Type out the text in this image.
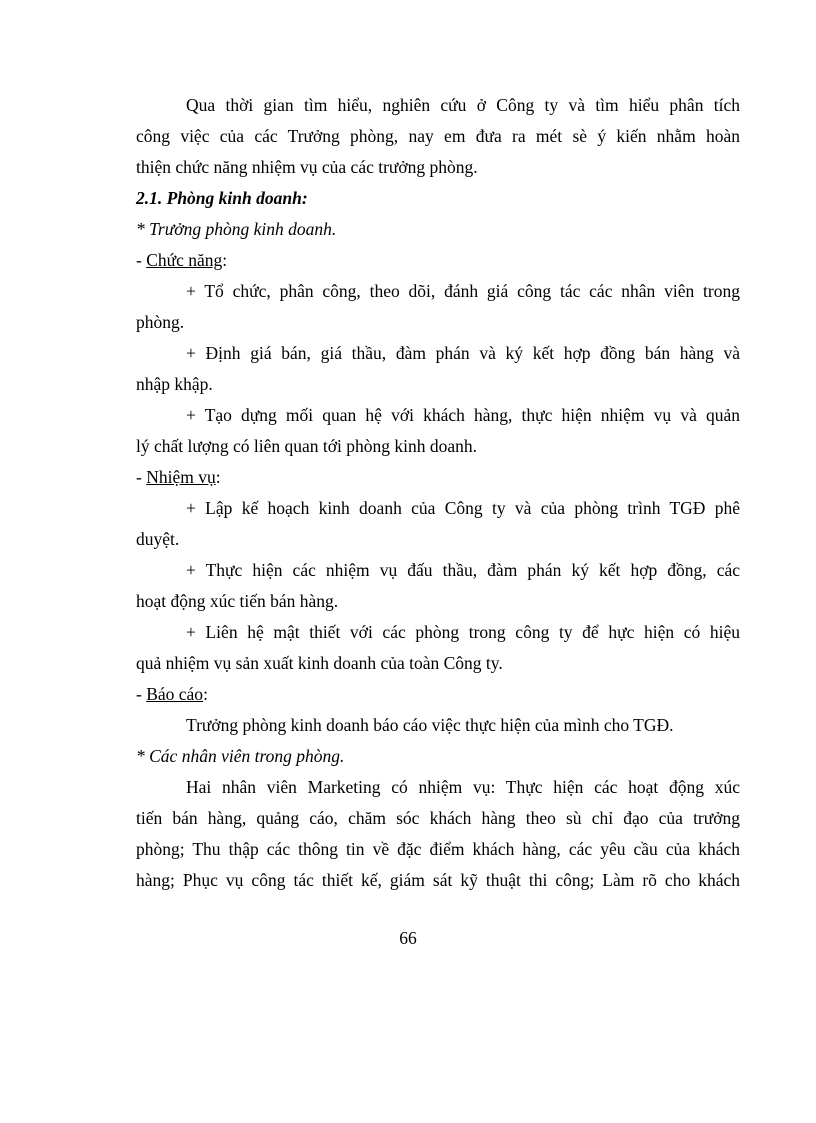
Qua thời gian tìm hiểu, nghiên cứu ở Công ty và tìm hiểu phân tích
công việc của các Trưởng phòng, nay em đưa ra mét sè ý kiến nhằm hoàn
thiện chức năng nhiệm vụ của các trưởng phòng.
2.1. Phòng kinh doanh:
* Trưởng phòng kinh doanh.
- Chức năng:
+ Tổ chức, phân công, theo dõi, đánh giá công tác các nhân viên trong
phòng.
+ Định giá bán, giá thầu, đàm phán và ký kết hợp đồng bán hàng và
nhập khập.
+ Tạo dựng mối quan hệ với khách hàng, thực hiện nhiệm vụ và quản
lý chất lượng có liên quan tới phòng kinh doanh.
- Nhiệm vụ:
+ Lập kế hoạch kinh doanh của Công ty và của phòng trình TGĐ phê
duyệt.
+ Thực hiện các nhiệm vụ đấu thầu, đàm phán ký kết hợp đồng, các
hoạt động xúc tiến bán hàng.
+ Liên hệ mật thiết với các phòng trong công ty để hực hiện có hiệu
quả nhiệm vụ sản xuất kinh doanh của toàn Công ty.
- Báo cáo:
Trưởng phòng kinh doanh báo cáo việc thực hiện của mình cho TGĐ.
* Các nhân viên trong phòng.
Hai nhân viên Marketing có nhiệm vụ: Thực hiện các hoạt động xúc
tiến bán hàng, quảng cáo, chăm sóc khách hàng theo sù chỉ đạo của trưởng
phòng; Thu thập các thông tin về đặc điểm khách hàng, các yêu cầu của khách
hàng; Phục vụ công tác thiết kế, giám sát kỹ thuật thi công; Làm rõ cho khách
66
